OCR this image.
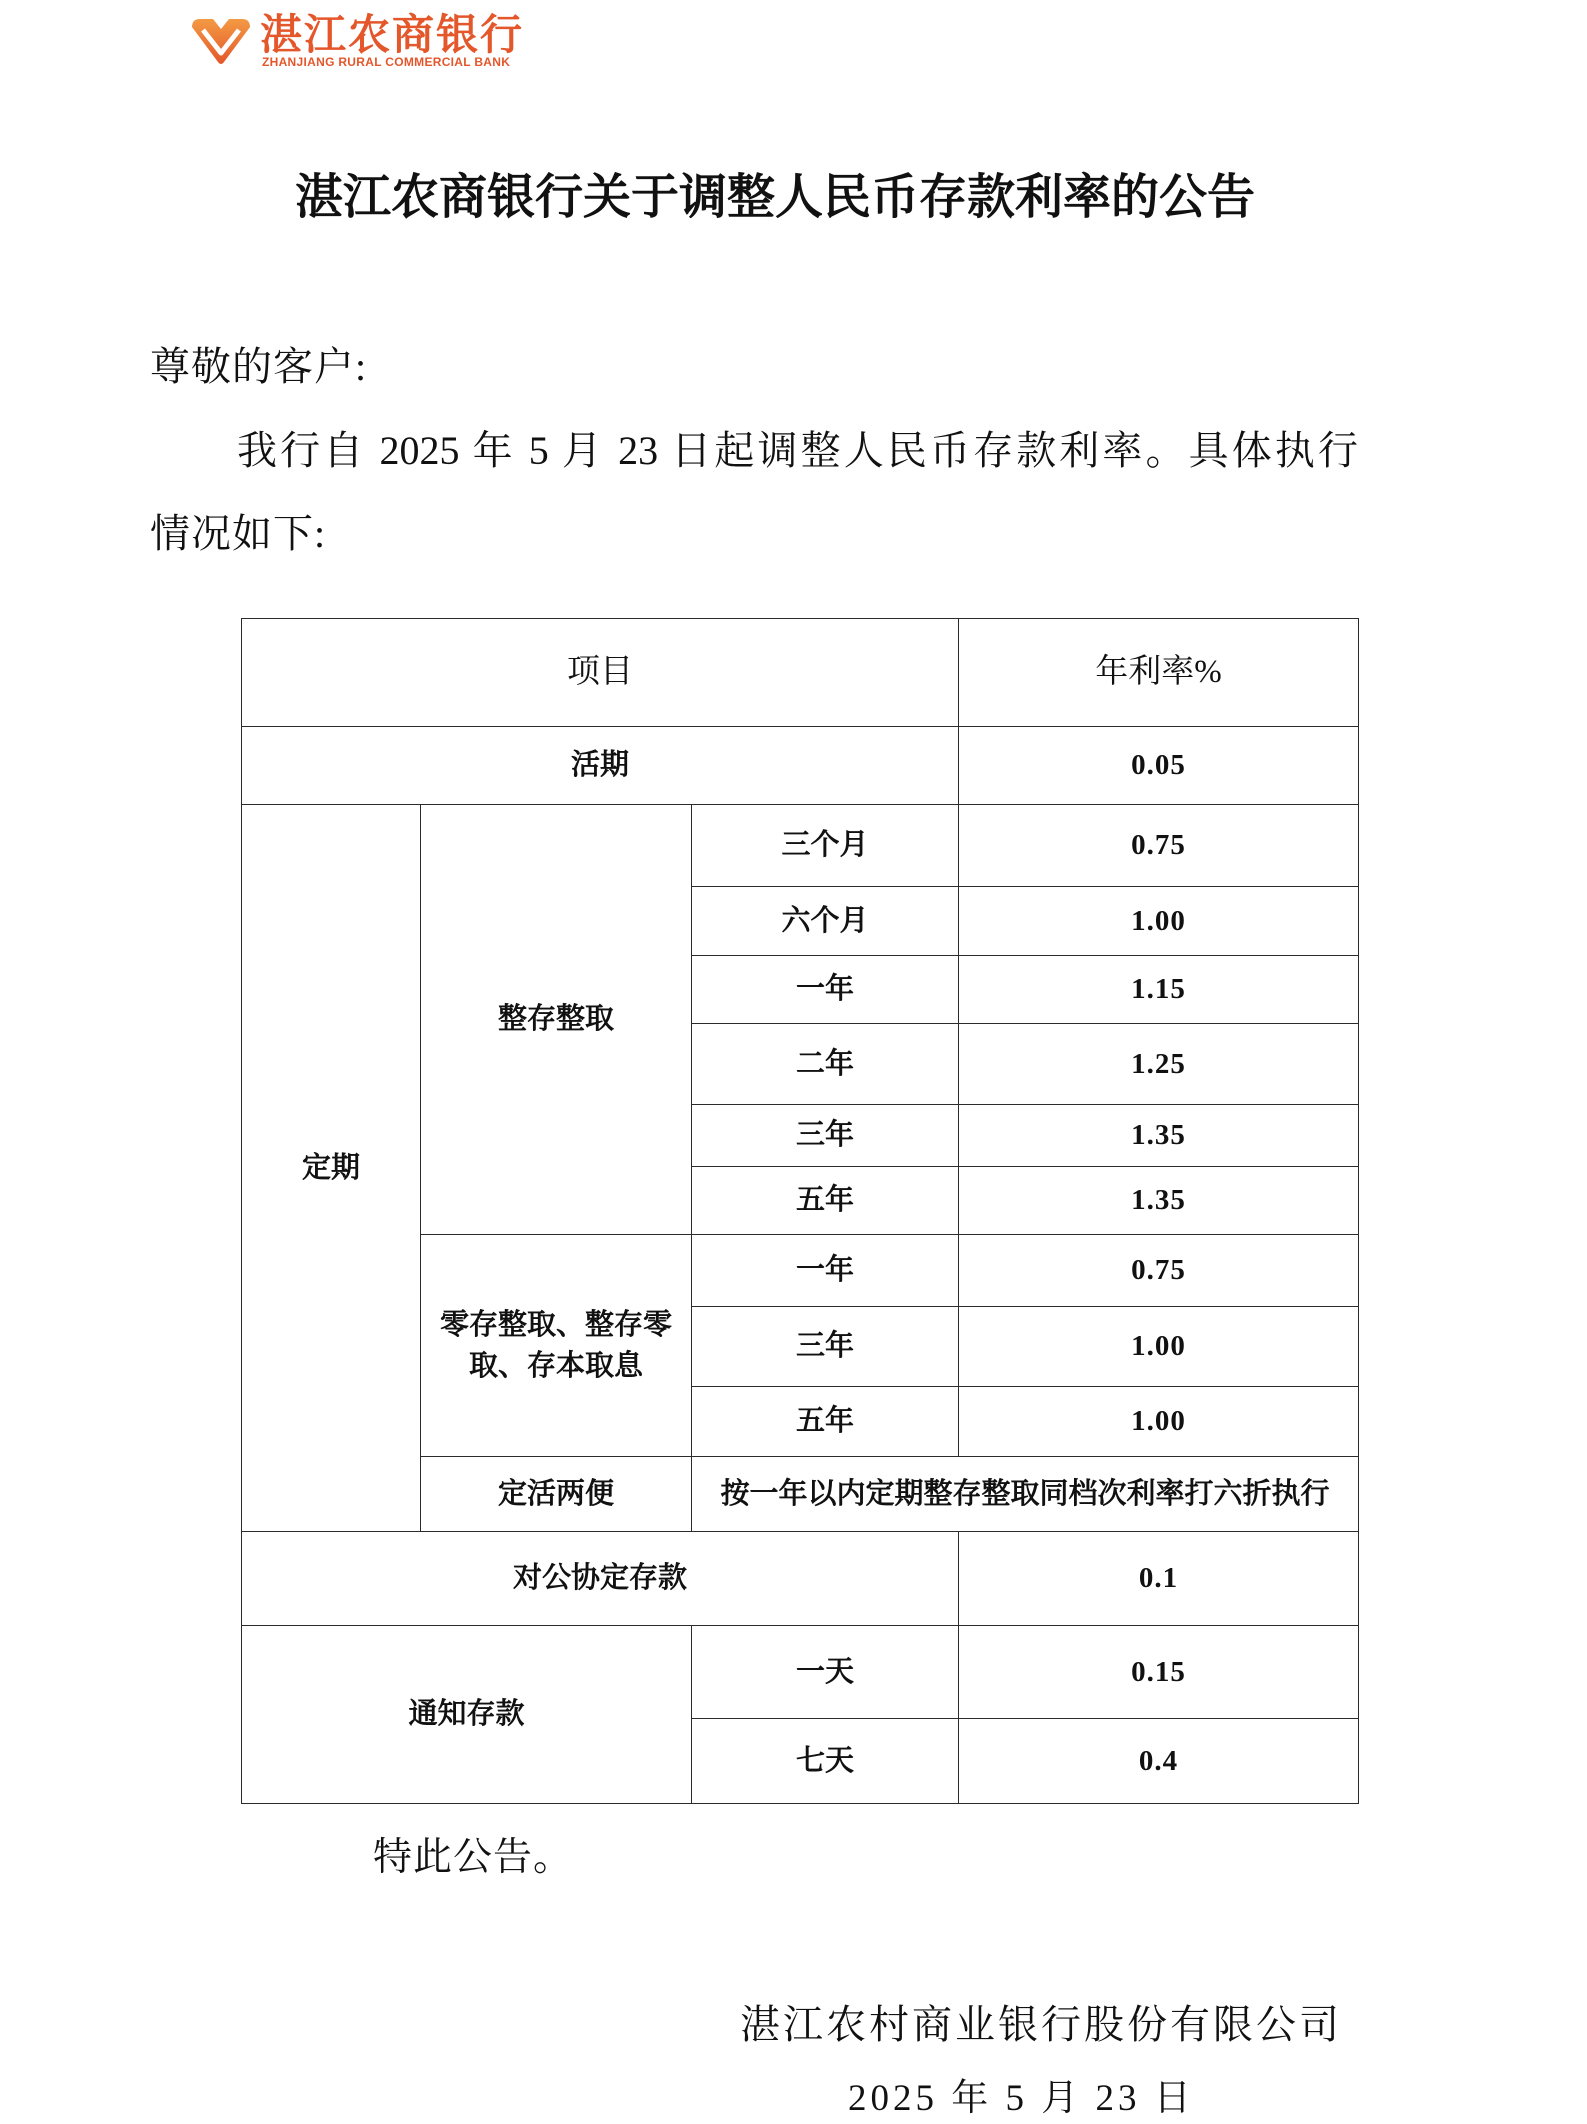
湛江农商银行
ZHANJIANG RURAL COMMERCIAL BANK
湛江农商银行关于调整人民币存款利率的公告
尊敬的客户:
我行自 2025 年 5 月 23 日起调整人民币存款利率。具体执行
情况如下:
项目			年利率%
活期			0.05
定期	整存整取	三个月	0.75
		六个月	1.00
		一年	1.15
		二年	1.25
		三年	1.35
		五年	1.35
	零存整取、整存零取、存本取息	一年	0.75
		三年	1.00
		五年	1.00
	定活两便	按一年以内定期整存整取同档次利率打六折执行	
对公协定存款			0.1
通知存款		一天	0.15
		七天	0.4
特此公告。
湛江农村商业银行股份有限公司
2025 年 5 月 23 日
